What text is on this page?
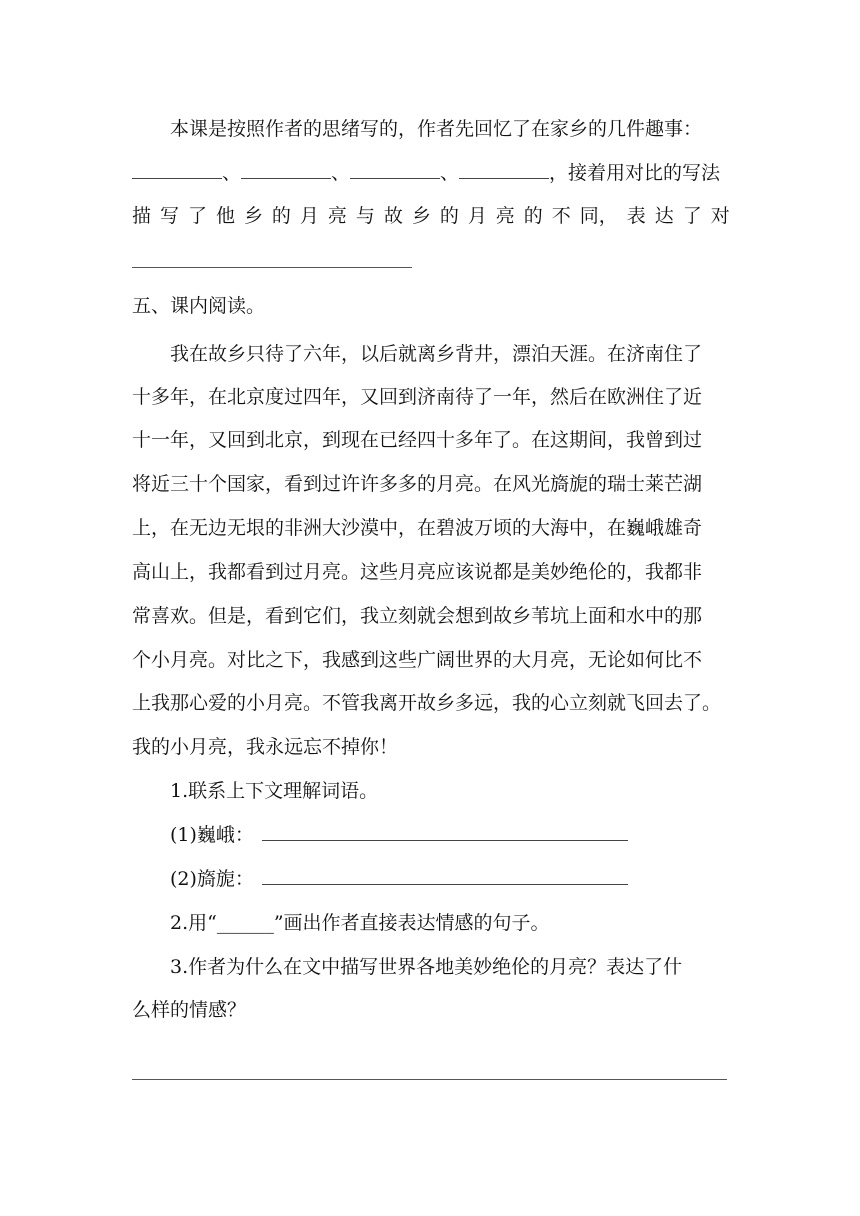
本课是按照作者的思绪写的，作者先回忆了在家乡的几件趣事：
、	、	、	，接着用对比的写法
描 写 了 他 乡 的 月 亮 与 故 乡 的 月 亮 的 不 同， 表 达 了 对
五、课内阅读。
我在故乡只待了六年，以后就离乡背井，漂泊天涯。在济南住了
十多年，在北京度过四年，又回到济南待了一年，然后在欧洲住了近
十一年，又回到北京，到现在已经四十多年了。在这期间，我曾到过
将近三十个国家，看到过许许多多的月亮。在风光旖旎的瑞士莱芒湖
上，在无边无垠的非洲大沙漠中，在碧波万顷的大海中，在巍峨雄奇
高山上，我都看到过月亮。这些月亮应该说都是美妙绝伦的，我都非
常喜欢。但是，看到它们，我立刻就会想到故乡苇坑上面和水中的那
个小月亮。对比之下，我感到这些广阔世界的大月亮，无论如何比不
上我那心爱的小月亮。不管我离开故乡多远，我的心立刻就飞回去了。
我的小月亮，我永远忘不掉你！
1.联系上下文理解词语。
(1)巍峨：
(2)旖旎：
2.用“______”画出作者直接表达情感的句子。
3.作者为什么在文中描写世界各地美妙绝伦的月亮？表达了什
么样的情感？
